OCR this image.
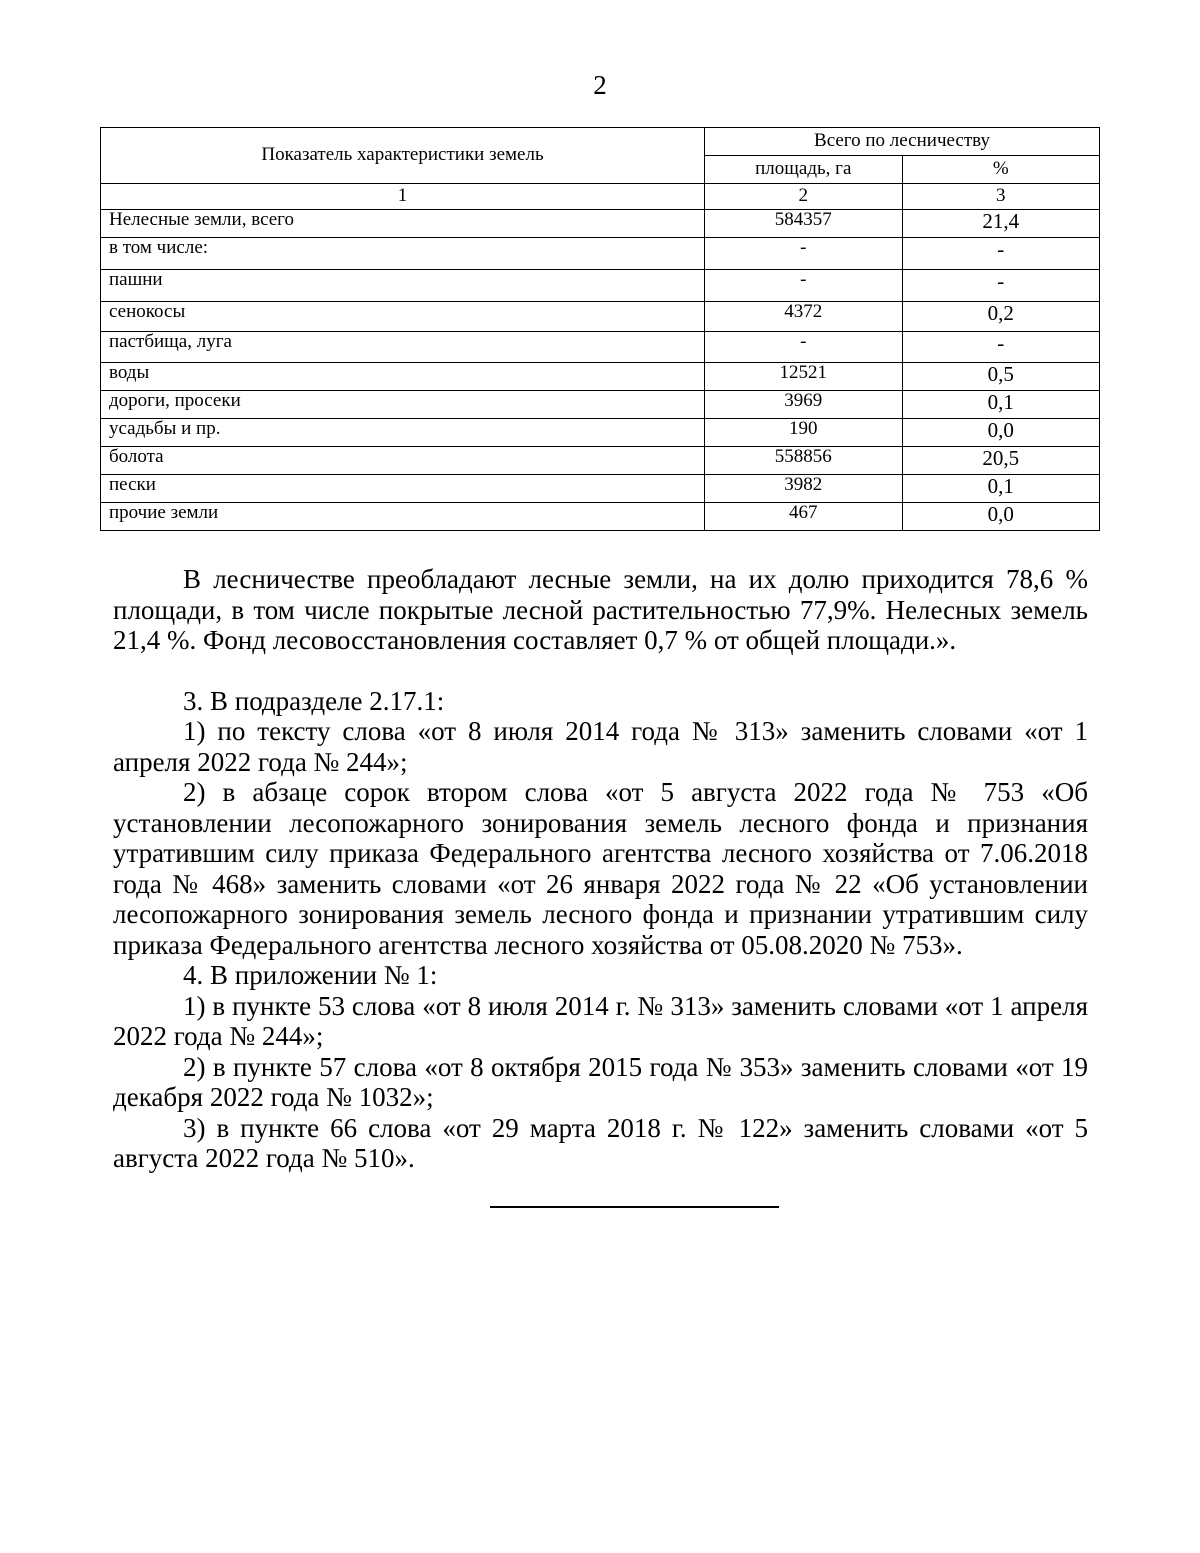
2
Показатель характеристики земель	Всего по лесничеству	
	площадь, га	%
1	2	3
Нелесные земли, всего	584357	21,4
в том числе:	-	-
пашни	-	-
сенокосы	4372	0,2
пастбища, луга	-	-
воды	12521	0,5
дороги, просеки	3969	0,1
усадьбы и пр.	190	0,0
болота	558856	20,5
пески	3982	0,1
прочие земли	467	0,0

В лесничестве преобладают лесные земли, на их долю приходится 78,6 % площади, в том числе покрытые лесной растительностью 77,9%. Нелесных земель 21,4 %. Фонд лесовосстановления составляет 0,7 % от общей площади.».

3. В подразделе 2.17.1:

1) по тексту слова «от 8 июля 2014 года № 313» заменить словами «от 1 апреля 2022 года № 244»;

2) в абзаце сорок втором слова «от 5 августа 2022 года № 753 «Об установлении лесопожарного зонирования земель лесного фонда и признания утратившим силу приказа Федерального агентства лесного хозяйства от 7.06.2018 года № 468» заменить словами «от 26 января 2022 года № 22 «Об установлении лесопожарного зонирования земель лесного фонда и признании утратившим силу приказа Федерального агентства лесного хозяйства от 05.08.2020 № 753».

4. В приложении № 1:

1) в пункте 53 слова «от 8 июля 2014 г. № 313» заменить словами «от 1 апреля 2022 года № 244»;

2) в пункте 57 слова «от 8 октября 2015 года № 353» заменить словами «от 19 декабря 2022 года № 1032»;

3) в пункте 66 слова «от 29 марта 2018 г. № 122» заменить словами «от 5 августа 2022 года № 510».
